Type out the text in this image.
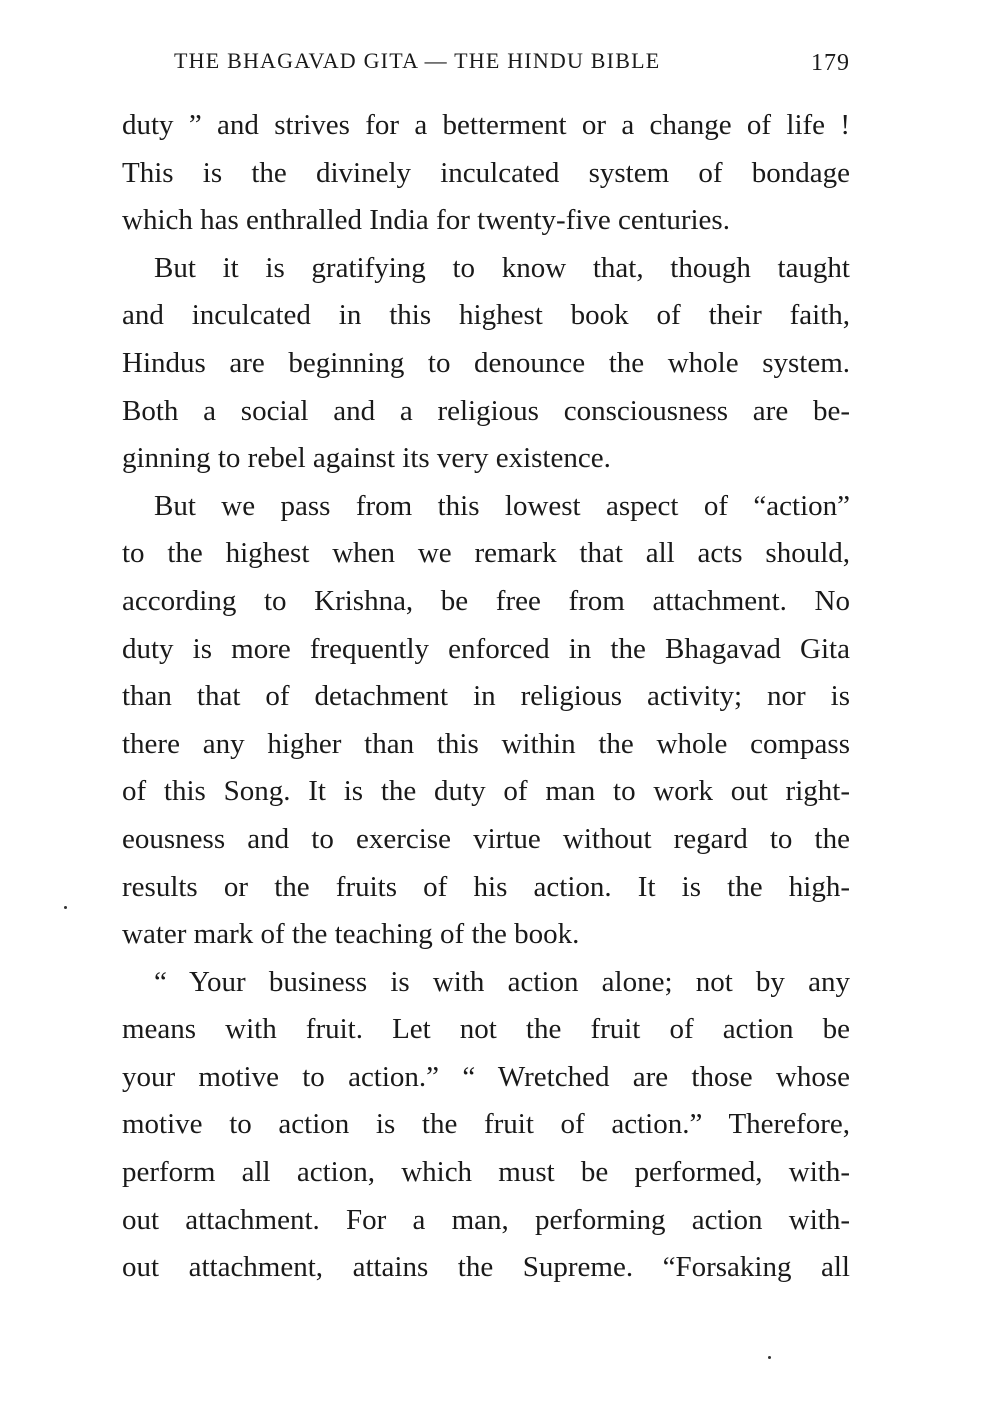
THE BHAGAVAD GITA — THE HINDU BIBLE	179
duty ” and strives for a betterment or a change of life !
This is the divinely inculcated system of bondage
which has enthralled India for twenty-five centuries.
But it is gratifying to know that, though taught
and inculcated in this highest book of their faith,
Hindus are beginning to denounce the whole system.
Both a social and a religious consciousness are be-
ginning to rebel against its very existence.
But we pass from this lowest aspect of “action”
to the highest when we remark that all acts should,
according to Krishna, be free from attachment. No
duty is more frequently enforced in the Bhagavad Gita
than that of detachment in religious activity; nor is
there any higher than this within the whole compass
of this Song. It is the duty of man to work out right-
eousness and to exercise virtue without regard to the
results or the fruits of his action. It is the high-
water mark of the teaching of the book.
“ Your business is with action alone; not by any
means with fruit. Let not the fruit of action be
your motive to action.” “ Wretched are those whose
motive to action is the fruit of action.” Therefore,
perform all action, which must be performed, with-
out attachment. For a man, performing action with-
out attachment, attains the Supreme. “Forsaking all
